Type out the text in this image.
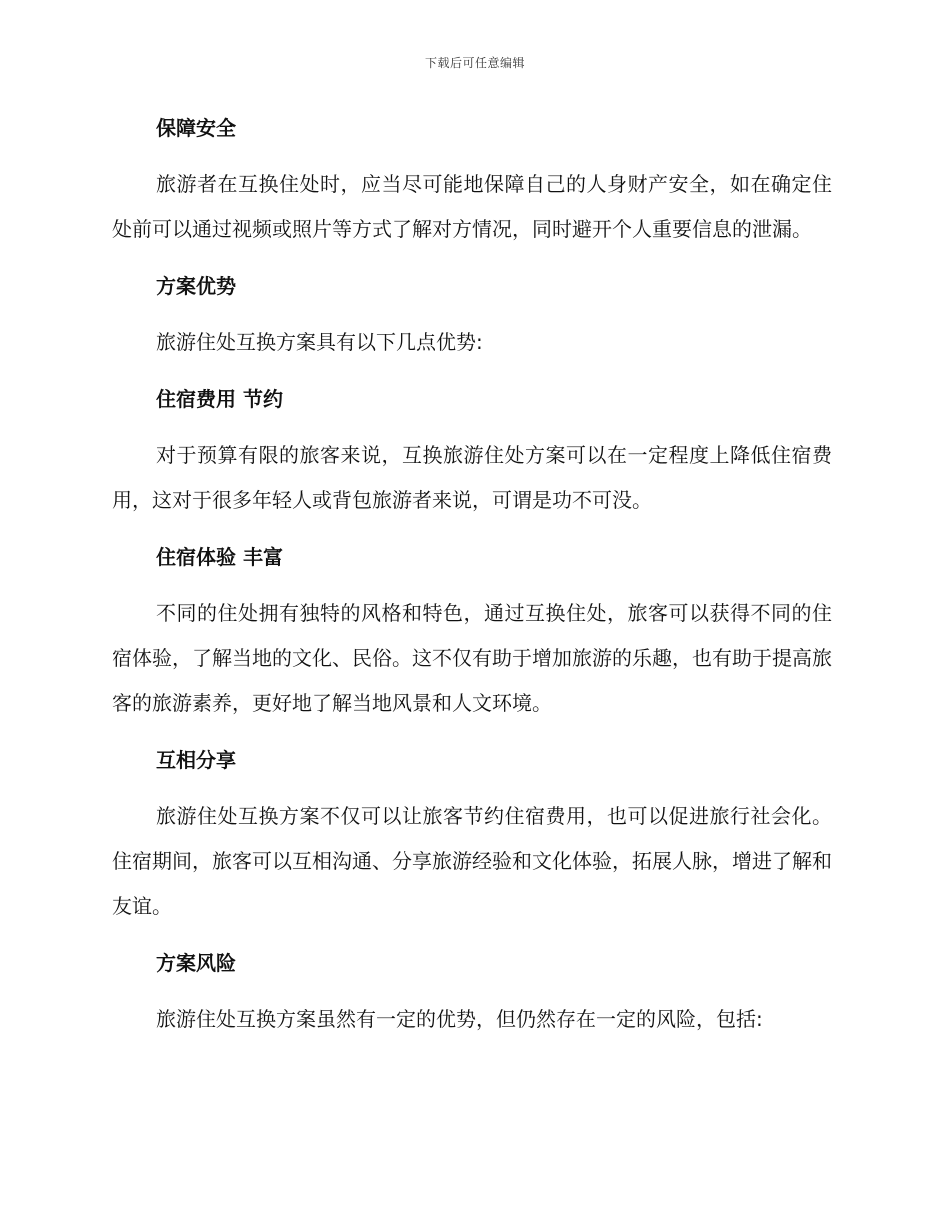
下载后可任意编辑
保障安全
旅游者在互换住处时，应当尽可能地保障自己的人身财产安全，如在确定住处前可以通过视频或照片等方式了解对方情况，同时避开个人重要信息的泄漏。
方案优势
旅游住处互换方案具有以下几点优势:
住宿费用 节约
对于预算有限的旅客来说，互换旅游住处方案可以在一定程度上降低住宿费用，这对于很多年轻人或背包旅游者来说，可谓是功不可没。
住宿体验 丰富
不同的住处拥有独特的风格和特色，通过互换住处，旅客可以获得不同的住宿体验，了解当地的文化、民俗。这不仅有助于增加旅游的乐趣，也有助于提高旅客的旅游素养，更好地了解当地风景和人文环境。
互相分享
旅游住处互换方案不仅可以让旅客节约住宿费用，也可以促进旅行社会化。住宿期间，旅客可以互相沟通、分享旅游经验和文化体验，拓展人脉，增进了解和友谊。
方案风险
旅游住处互换方案虽然有一定的优势，但仍然存在一定的风险，包括:
